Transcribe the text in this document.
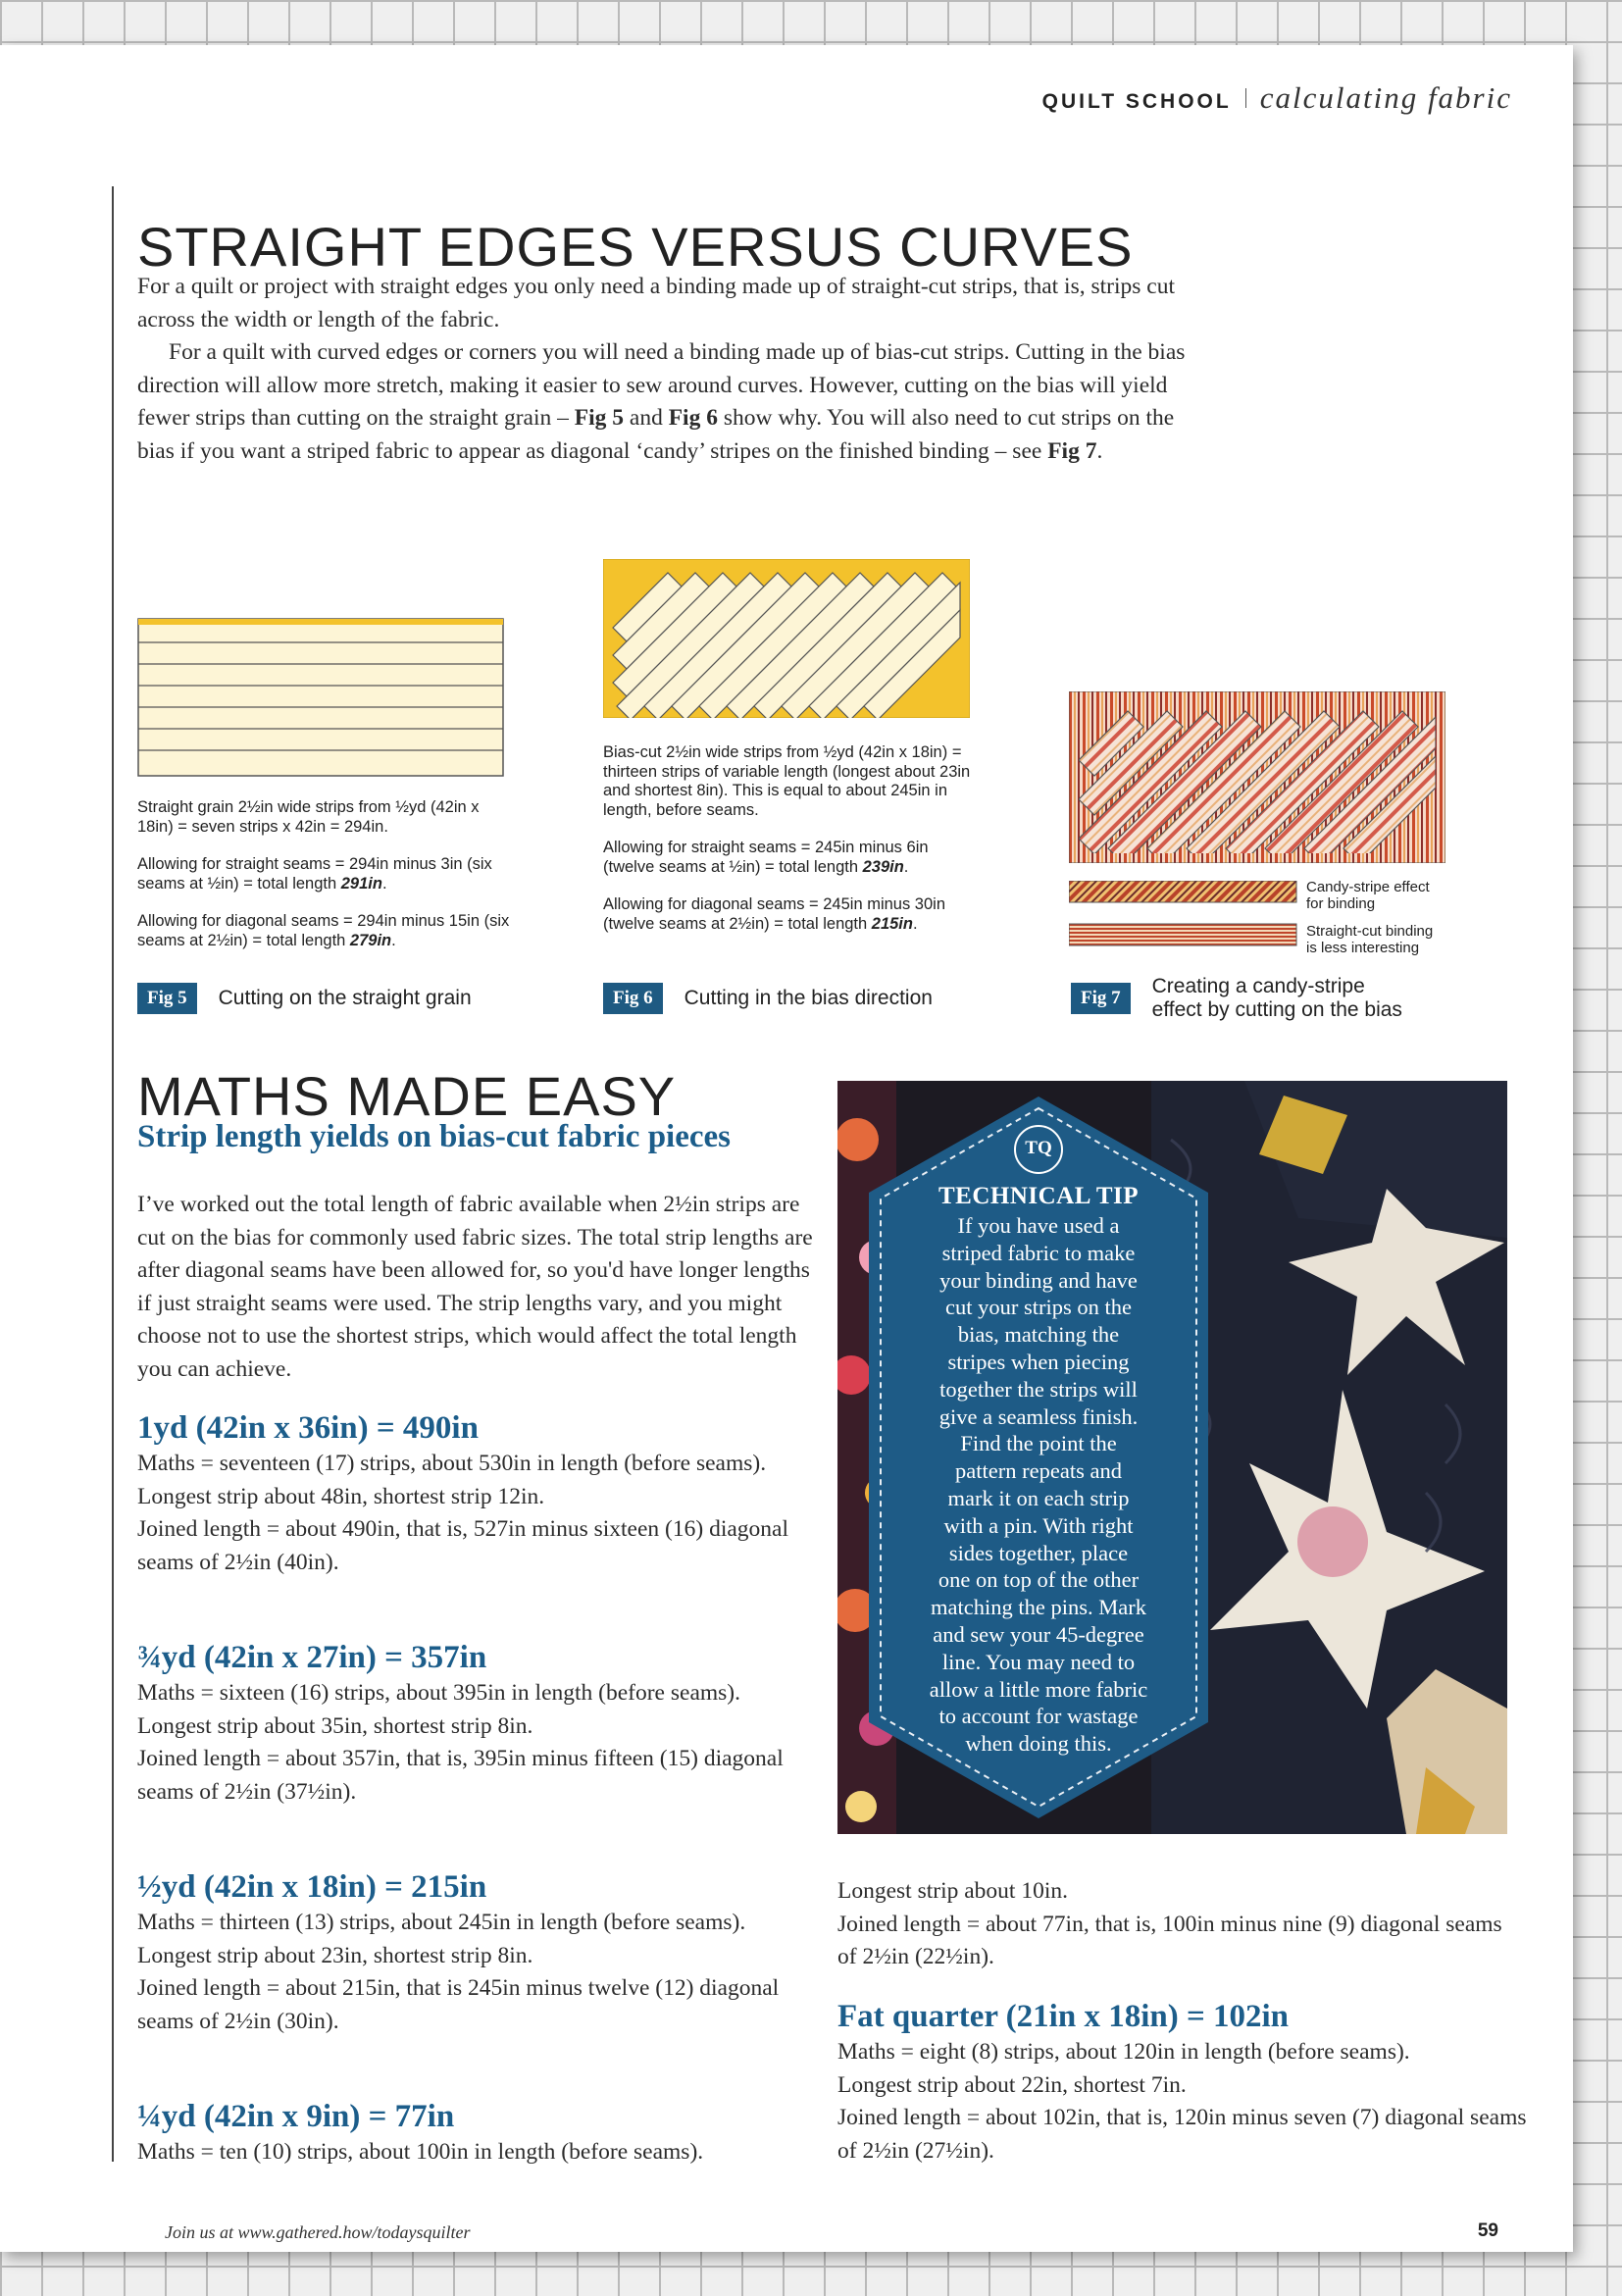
QUILT SCHOOL calculating fabric
STRAIGHT EDGES VERSUS CURVES

For a quilt or project with straight edges you only need a binding made up of straight-cut strips, that is, strips cut across the width or length of the fabric.

For a quilt with curved edges or corners you will need a binding made up of bias-cut strips. Cutting in the bias direction will allow more stretch, making it easier to sew around curves. However, cutting on the bias will yield fewer strips than cutting on the straight grain – Fig 5 and Fig 6 show why. You will also need to cut strips on the bias if you want a striped fabric to appear as diagonal ‘candy’ stripes on the finished binding – see Fig 7.

Candy-stripe effect
for binding
Straight-cut binding
is less interesting

Straight grain 2½in wide strips from ½yd (42in x 18in) = seven strips x 42in = 294in.

Allowing for straight seams = 294in minus 3in (six seams at ½in) = total length 291in.

Allowing for diagonal seams = 294in minus 15in (six seams at 2½in) = total length 279in.

Bias-cut 2½in wide strips from ½yd (42in x 18in) = thirteen strips of variable length (longest about 23in and shortest 8in). This is equal to about 245in in length, before seams.

Allowing for straight seams = 245in minus 6in (twelve seams at ½in) = total length 239in.

Allowing for diagonal seams = 245in minus 30in (twelve seams at 2½in) = total length 215in.

Fig 5	Cutting on the straight grain	Fig 6	Cutting in the bias direction	Fig 7
Creating a candy-stripe
effect by cutting on the bias
MATHS MADE EASY
Strip length yields on bias-cut fabric pieces
I’ve worked out the total length of fabric available when 2½in strips are cut on the bias for commonly used fabric sizes. The total strip lengths are after diagonal seams have been allowed for, so you'd have longer lengths if just straight seams were used. The strip lengths vary, and you might choose not to use the shortest strips, which would affect the total length you can achieve.
1yd (42in x 36in) = 490in

Maths = seventeen (17) strips, about 530in in length (before seams).

Longest strip about 48in, shortest strip 12in.

Joined length = about 490in, that is, 527in minus sixteen (16) diagonal seams of 2½in (40in).

¾yd (42in x 27in) = 357in

Maths = sixteen (16) strips, about 395in in length (before seams).

Longest strip about 35in, shortest strip 8in.

Joined length = about 357in, that is, 395in minus fifteen (15) diagonal seams of 2½in (37½in).

½yd (42in x 18in) = 215in

Maths = thirteen (13) strips, about 245in in length (before seams).

Longest strip about 23in, shortest strip 8in.

Joined length = about 215in, that is 245in minus twelve (12) diagonal seams of 2½in (30in).

¼yd (42in x 9in) = 77in

Maths = ten (10) strips, about 100in in length (before seams).

Longest strip about 10in.

Joined length = about 77in, that is, 100in minus nine (9) diagonal seams of 2½in (22½in).

Fat quarter (21in x 18in) = 102in

Maths = eight (8) strips, about 120in in length (before seams).

Longest strip about 22in, shortest 7in.

Joined length = about 102in, that is, 120in minus seven (7) diagonal seams of 2½in (27½in).

TQ
TECHNICAL TIP
If you have used a
striped fabric to make
your binding and have
cut your strips on the
bias, matching the
stripes when piecing
together the strips will
give a seamless finish.
Find the point the
pattern repeats and
mark it on each strip
with a pin. With right
sides together, place
one on top of the other
matching the pins. Mark
and sew your 45-degree
line. You may need to
allow a little more fabric
to account for wastage
when doing this.
Join us at www.gathered.how/todaysquilter	59
